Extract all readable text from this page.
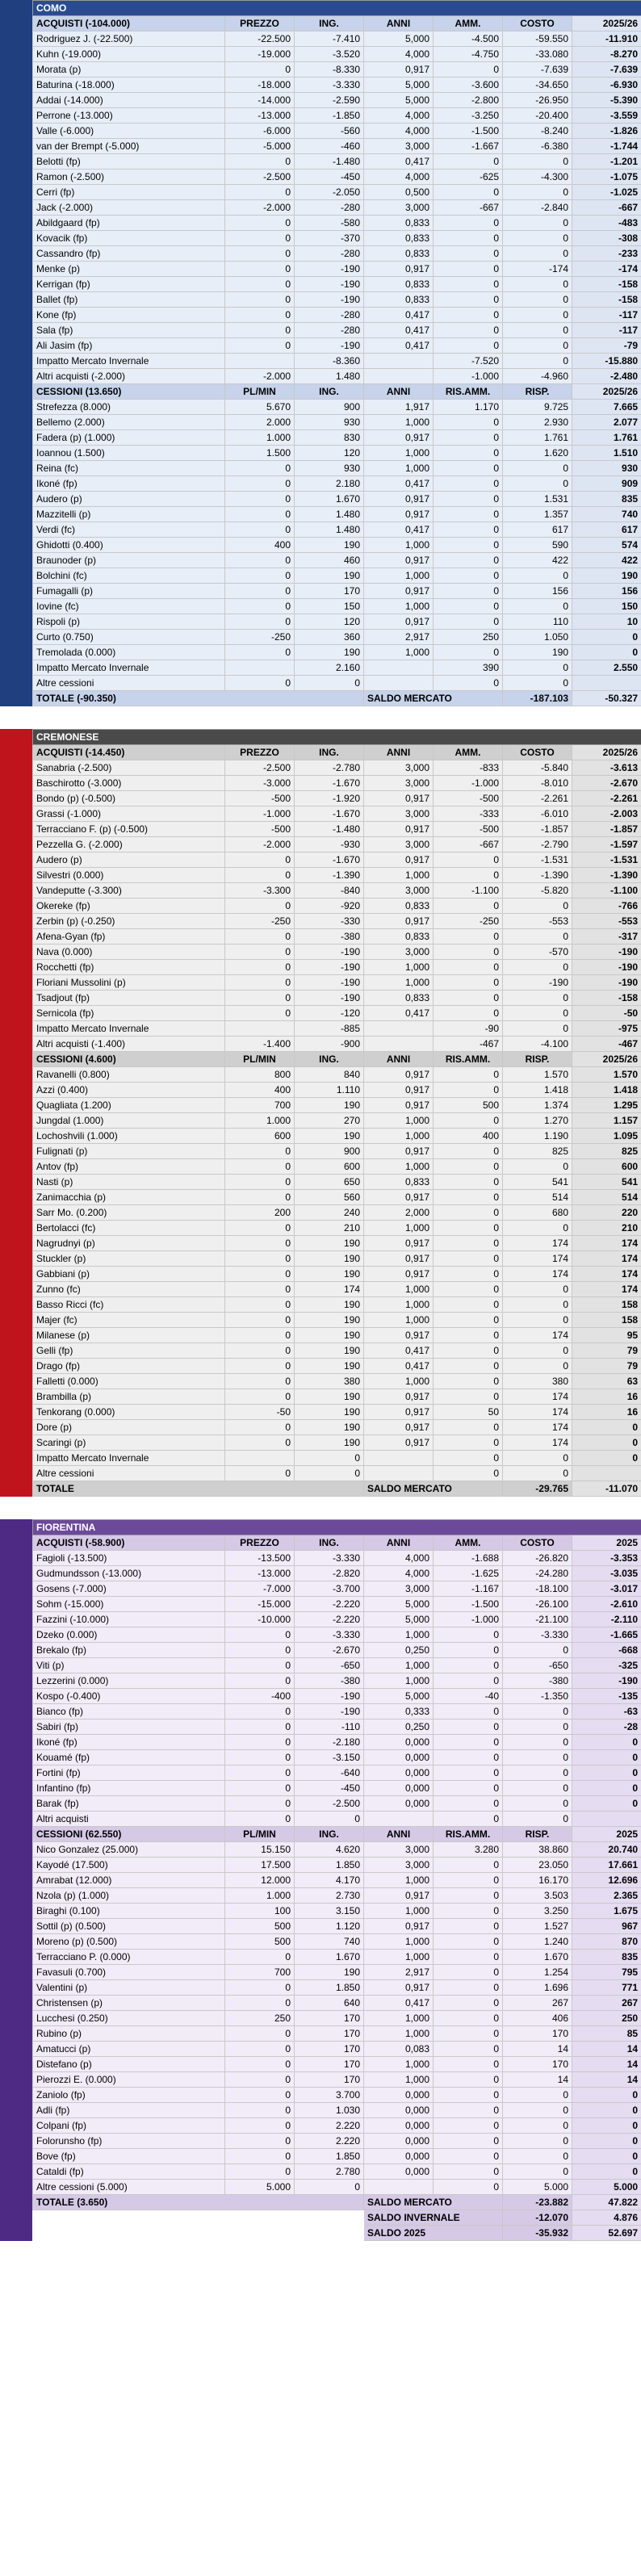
COMO						
ACQUISTI (-104.000)	PREZZO	ING.	ANNI	AMM.	COSTO	2025/26
Rodriguez J. (-22.500)	-22.500	-7.410	5,000	-4.500	-59.550	-11.910
Kuhn (-19.000)	-19.000	-3.520	4,000	-4.750	-33.080	-8.270
Morata (p)	0	-8.330	0,917	0	-7.639	-7.639
Baturina (-18.000)	-18.000	-3.330	5,000	-3.600	-34.650	-6.930
Addai (-14.000)	-14.000	-2.590	5,000	-2.800	-26.950	-5.390
Perrone (-13.000)	-13.000	-1.850	4,000	-3.250	-20.400	-3.559
Valle (-6.000)	-6.000	-560	4,000	-1.500	-8.240	-1.826
van der Brempt (-5.000)	-5.000	-460	3,000	-1.667	-6.380	-1.744
Belotti (fp)	0	-1.480	0,417	0	0	-1.201
Ramon (-2.500)	-2.500	-450	4,000	-625	-4.300	-1.075
Cerri (fp)	0	-2.050	0,500	0	0	-1.025
Jack (-2.000)	-2.000	-280	3,000	-667	-2.840	-667
Abildgaard (fp)	0	-580	0,833	0	0	-483
Kovacik (fp)	0	-370	0,833	0	0	-308
Cassandro (fp)	0	-280	0,833	0	0	-233
Menke (p)	0	-190	0,917	0	-174	-174
Kerrigan (fp)	0	-190	0,833	0	0	-158
Ballet (fp)	0	-190	0,833	0	0	-158
Kone (fp)	0	-280	0,417	0	0	-117
Sala (fp)	0	-280	0,417	0	0	-117
Ali Jasim (fp)	0	-190	0,417	0	0	-79
Impatto Mercato Invernale		-8.360		-7.520	0	-15.880
Altri acquisti (-2.000)	-2.000	1.480		-1.000	-4.960	-2.480
CESSIONI (13.650)	PL/MIN	ING.	ANNI	RIS.AMM.	RISP.	2025/26
Strefezza (8.000)	5.670	900	1,917	1.170	9.725	7.665
Bellemo (2.000)	2.000	930	1,000	0	2.930	2.077
Fadera (p) (1.000)	1.000	830	0,917	0	1.761	1.761
Ioannou (1.500)	1.500	120	1,000	0	1.620	1.510
Reina (fc)	0	930	1,000	0	0	930
Ikoné (fp)	0	2.180	0,417	0	0	909
Audero (p)	0	1.670	0,917	0	1.531	835
Mazzitelli (p)	0	1.480	0,917	0	1.357	740
Verdi (fc)	0	1.480	0,417	0	617	617
Ghidotti (0.400)	400	190	1,000	0	590	574
Braunoder (p)	0	460	0,917	0	422	422
Bolchini (fc)	0	190	1,000	0	0	190
Fumagalli (p)	0	170	0,917	0	156	156
Iovine (fc)	0	150	1,000	0	0	150
Rispoli (p)	0	120	0,917	0	110	10
Curto (0.750)	-250	360	2,917	250	1.050	0
Tremolada (0.000)	0	190	1,000	0	190	0
Impatto Mercato Invernale		2.160		390	0	2.550
Altre cessioni	0	0		0	0	
TOTALE (-90.350)			SALDO MERCATO		-187.103	-50.327
CREMONESE						
ACQUISTI (-14.450)	PREZZO	ING.	ANNI	AMM.	COSTO	2025/26
Sanabria (-2.500)	-2.500	-2.780	3,000	-833	-5.840	-3.613
Baschirotto (-3.000)	-3.000	-1.670	3,000	-1.000	-8.010	-2.670
Bondo (p) (-0.500)	-500	-1.920	0,917	-500	-2.261	-2.261
Grassi (-1.000)	-1.000	-1.670	3,000	-333	-6.010	-2.003
Terracciano F. (p) (-0.500)	-500	-1.480	0,917	-500	-1.857	-1.857
Pezzella G. (-2.000)	-2.000	-930	3,000	-667	-2.790	-1.597
Audero (p)	0	-1.670	0,917	0	-1.531	-1.531
Silvestri (0.000)	0	-1.390	1,000	0	-1.390	-1.390
Vandeputte (-3.300)	-3.300	-840	3,000	-1.100	-5.820	-1.100
Okereke (fp)	0	-920	0,833	0	0	-766
Zerbin (p) (-0.250)	-250	-330	0,917	-250	-553	-553
Afena-Gyan (fp)	0	-380	0,833	0	0	-317
Nava (0.000)	0	-190	3,000	0	-570	-190
Rocchetti (fp)	0	-190	1,000	0	0	-190
Floriani Mussolini (p)	0	-190	1,000	0	-190	-190
Tsadjout (fp)	0	-190	0,833	0	0	-158
Sernicola (fp)	0	-120	0,417	0	0	-50
Impatto Mercato Invernale		-885		-90	0	-975
Altri acquisti (-1.400)	-1.400	-900		-467	-4.100	-467
CESSIONI (4.600)	PL/MIN	ING.	ANNI	RIS.AMM.	RISP.	2025/26
Ravanelli (0.800)	800	840	0,917	0	1.570	1.570
Azzi (0.400)	400	1.110	0,917	0	1.418	1.418
Quagliata (1.200)	700	190	0,917	500	1.374	1.295
Jungdal (1.000)	1.000	270	1,000	0	1.270	1.157
Lochoshvili (1.000)	600	190	1,000	400	1.190	1.095
Fulignati (p)	0	900	0,917	0	825	825
Antov (fp)	0	600	1,000	0	0	600
Nasti (p)	0	650	0,833	0	541	541
Zanimacchia (p)	0	560	0,917	0	514	514
Sarr Mo. (0.200)	200	240	2,000	0	680	220
Bertolacci (fc)	0	210	1,000	0	0	210
Nagrudnyi (p)	0	190	0,917	0	174	174
Stuckler (p)	0	190	0,917	0	174	174
Gabbiani (p)	0	190	0,917	0	174	174
Zunno (fc)	0	174	1,000	0	0	174
Basso Ricci (fc)	0	190	1,000	0	0	158
Majer (fc)	0	190	1,000	0	0	158
Milanese (p)	0	190	0,917	0	174	95
Gelli (fp)	0	190	0,417	0	0	79
Drago (fp)	0	190	0,417	0	0	79
Falletti (0.000)	0	380	1,000	0	380	63
Brambilla (p)	0	190	0,917	0	174	16
Tenkorang (0.000)	-50	190	0,917	50	174	16
Dore (p)	0	190	0,917	0	174	0
Scaringi (p)	0	190	0,917	0	174	0
Impatto Mercato Invernale		0		0	0	0
Altre cessioni	0	0		0	0	
TOTALE			SALDO MERCATO		-29.765	-11.070
FIORENTINA						
ACQUISTI (-58.900)	PREZZO	ING.	ANNI	AMM.	COSTO	2025
Fagioli (-13.500)	-13.500	-3.330	4,000	-1.688	-26.820	-3.353
Gudmundsson (-13.000)	-13.000	-2.820	4,000	-1.625	-24.280	-3.035
Gosens (-7.000)	-7.000	-3.700	3,000	-1.167	-18.100	-3.017
Sohm (-15.000)	-15.000	-2.220	5,000	-1.500	-26.100	-2.610
Fazzini (-10.000)	-10.000	-2.220	5,000	-1.000	-21.100	-2.110
Dzeko (0.000)	0	-3.330	1,000	0	-3.330	-1.665
Brekalo (fp)	0	-2.670	0,250	0	0	-668
Viti (p)	0	-650	1,000	0	-650	-325
Lezzerini (0.000)	0	-380	1,000	0	-380	-190
Kospo (-0.400)	-400	-190	5,000	-40	-1.350	-135
Bianco (fp)	0	-190	0,333	0	0	-63
Sabiri (fp)	0	-110	0,250	0	0	-28
Ikoné (fp)	0	-2.180	0,000	0	0	0
Kouamé (fp)	0	-3.150	0,000	0	0	0
Fortini (fp)	0	-640	0,000	0	0	0
Infantino (fp)	0	-450	0,000	0	0	0
Barak (fp)	0	-2.500	0,000	0	0	0
Altri acquisti	0	0		0	0	
CESSIONI (62.550)	PL/MIN	ING.	ANNI	RIS.AMM.	RISP.	2025
Nico Gonzalez (25.000)	15.150	4.620	3,000	3.280	38.860	20.740
Kayodé (17.500)	17.500	1.850	3,000	0	23.050	17.661
Amrabat (12.000)	12.000	4.170	1,000	0	16.170	12.696
Nzola (p) (1.000)	1.000	2.730	0,917	0	3.503	2.365
Biraghi (0.100)	100	3.150	1,000	0	3.250	1.675
Sottil (p) (0.500)	500	1.120	0,917	0	1.527	967
Moreno (p) (0.500)	500	740	1,000	0	1.240	870
Terracciano P. (0.000)	0	1.670	1,000	0	1.670	835
Favasuli (0.700)	700	190	2,917	0	1.254	795
Valentini (p)	0	1.850	0,917	0	1.696	771
Christensen (p)	0	640	0,417	0	267	267
Lucchesi (0.250)	250	170	1,000	0	406	250
Rubino (p)	0	170	1,000	0	170	85
Amatucci (p)	0	170	0,083	0	14	14
Distefano (p)	0	170	1,000	0	170	14
Pierozzi E. (0.000)	0	170	1,000	0	14	14
Zaniolo (fp)	0	3.700	0,000	0	0	0
Adli (fp)	0	1.030	0,000	0	0	0
Colpani (fp)	0	2.220	0,000	0	0	0
Folorunsho (fp)	0	2.220	0,000	0	0	0
Bove (fp)	0	1.850	0,000	0	0	0
Cataldi (fp)	0	2.780	0,000	0	0	0
Altre cessioni (5.000)	5.000	0		0	5.000	5.000
TOTALE (3.650)			SALDO MERCATO		-23.882	47.822
			SALDO INVERNALE		-12.070	4.876
			SALDO 2025		-35.932	52.697
